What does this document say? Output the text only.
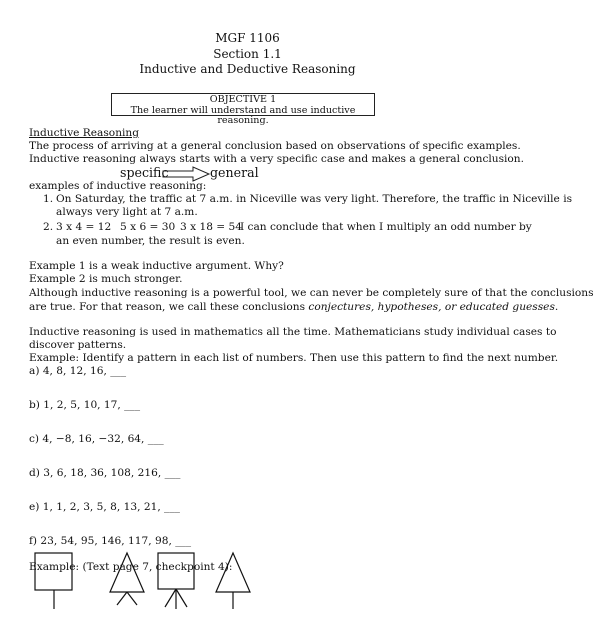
MGF 1106
Section 1.1
Inductive and Deductive Reasoning
OBJECTIVE 1
The learner will understand and use inductive reasoning.
Inductive Reasoning
The process of arriving at a general conclusion based on observations of specific examples.
Inductive reasoning always starts with a very specific case and makes a general conclusion.
specific	general
examples of inductive reasoning:
1. On Saturday, the traffic at 7 a.m. in Niceville was very light. Therefore, the traffic in Niceville is
always very light at 7 a.m.
2. 3 x 4 = 12 5 x 6 = 30 3 x 18 = 54
I can conclude that when I multiply an odd number by
an even number, the result is even.
Example 1 is a weak inductive argument. Why?
Example 2 is much stronger.
Although inductive reasoning is a powerful tool, we can never be completely sure of that the conclusions
are true. For that reason, we call these conclusions conjectures, hypotheses, or educated guesses.
Inductive reasoning is used in mathematics all the time. Mathematicians study individual cases to
discover patterns.
Example: Identify a pattern in each list of numbers. Then use this pattern to find the next number.
a) 4, 8, 12, 16, ___
b) 1, 2, 5, 10, 17, ___
c) 4, −8, 16, −32, 64, ___
d) 3, 6, 18, 36, 108, 216, ___
e) 1, 1, 2, 3, 5, 8, 13, 21, ___
f) 23, 54, 95, 146, 117, 98, ___
Example: (Text page 7, checkpoint 4):
